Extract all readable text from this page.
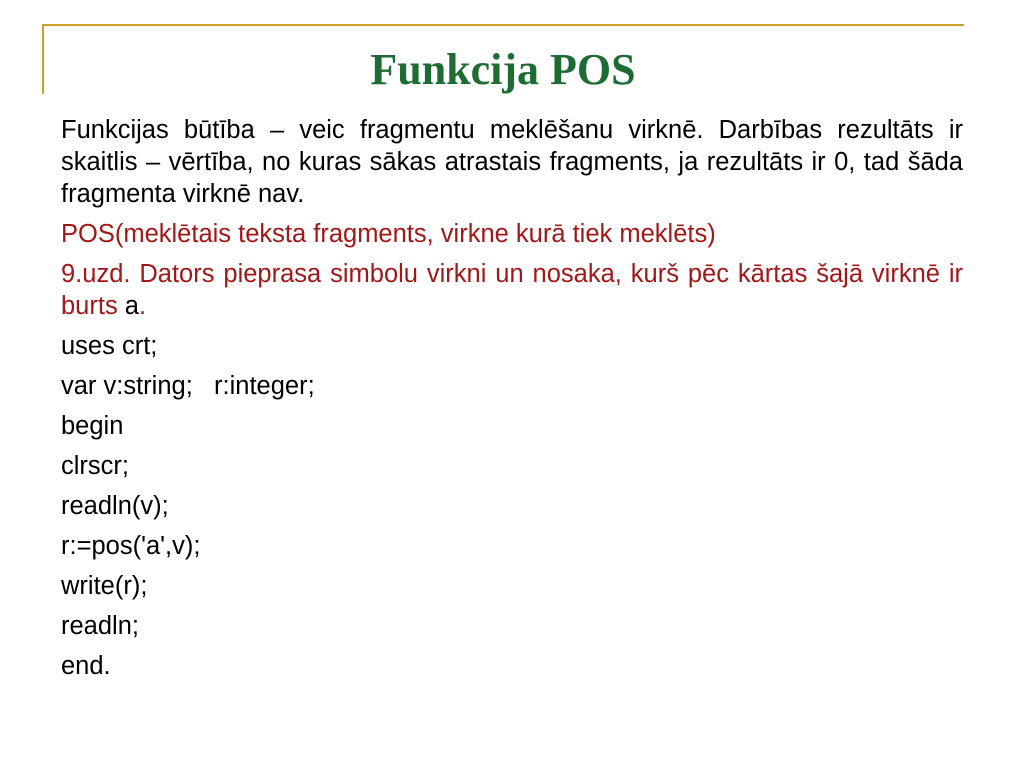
Funkcija POS

Funkcijas būtība – veic fragmentu meklēšanu virknē. Darbības rezultāts ir skaitlis – vērtība, no kuras sākas atrastais fragments, ja rezultāts ir 0, tad šāda fragmenta virknē nav.

POS(meklētais teksta fragments, virkne kurā tiek meklēts)

9.uzd. Dators pieprasa simbolu virkni un nosaka, kurš pēc kārtas šajā virknē ir burts a.

uses crt;

var v:string;   r:integer;

begin

clrscr;

readln(v);

r:=pos('a',v);

write(r);

readln;

end.
